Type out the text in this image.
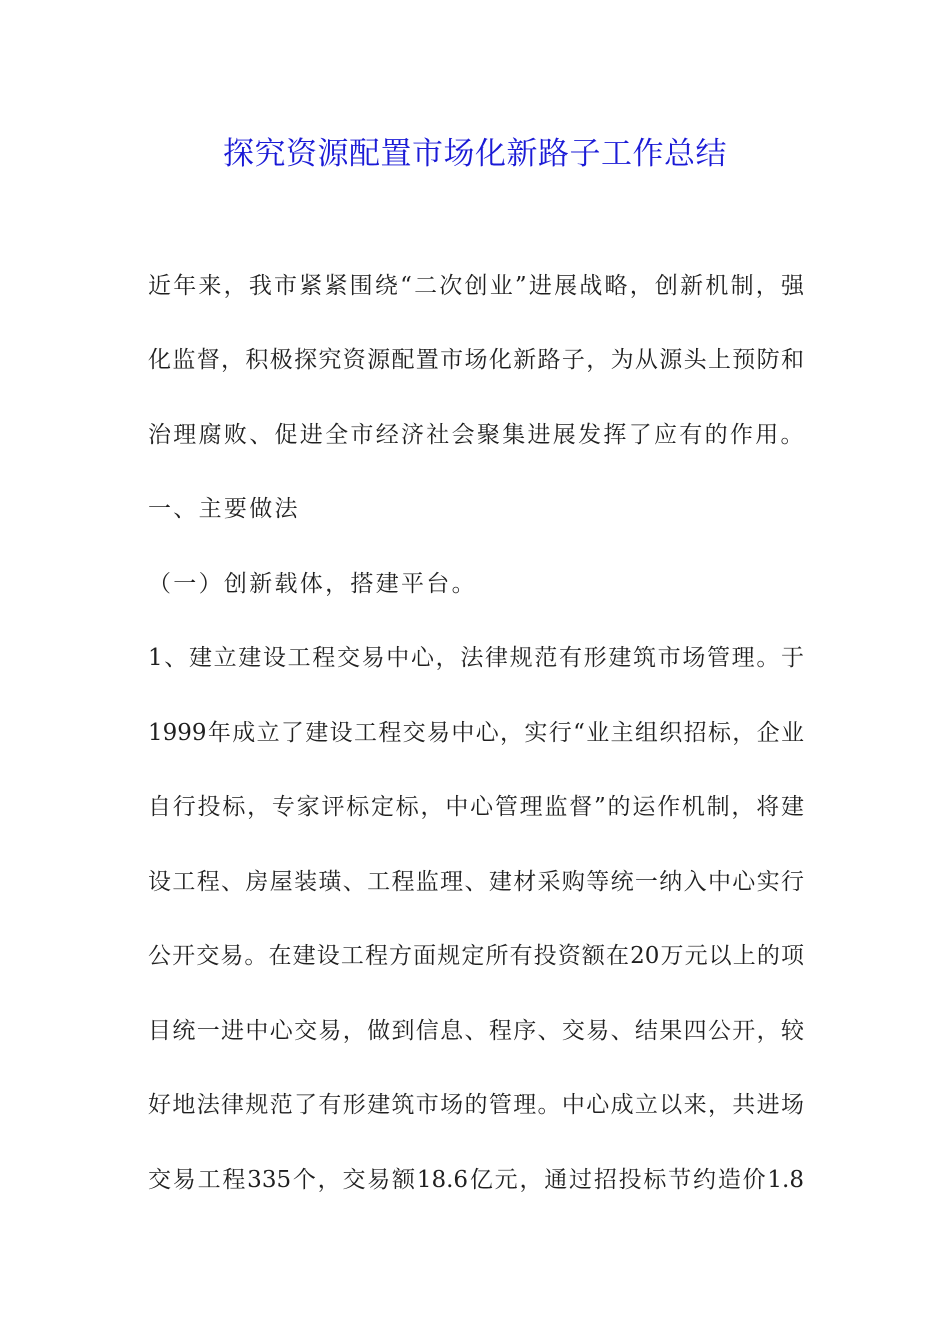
探究资源配置市场化新路子工作总结
近年来，我市紧紧围绕“二次创业”进展战略，创新机制，强
化监督，积极探究资源配置市场化新路子，为从源头上预防和
治理腐败、促进全市经济社会聚集进展发挥了应有的作用。
一、主要做法
（一）创新载体，搭建平台。
1、建立建设工程交易中心，法律规范有形建筑市场管理。于
1999年成立了建设工程交易中心，实行“业主组织招标，企业
自行投标，专家评标定标，中心管理监督”的运作机制，将建
设工程、房屋装璜、工程监理、建材采购等统一纳入中心实行
公开交易。在建设工程方面规定所有投资额在20万元以上的项
目统一进中心交易，做到信息、程序、交易、结果四公开，较
好地法律规范了有形建筑市场的管理。中心成立以来，共进场
交易工程335个，交易额18.6亿元，通过招投标节约造价1.8
